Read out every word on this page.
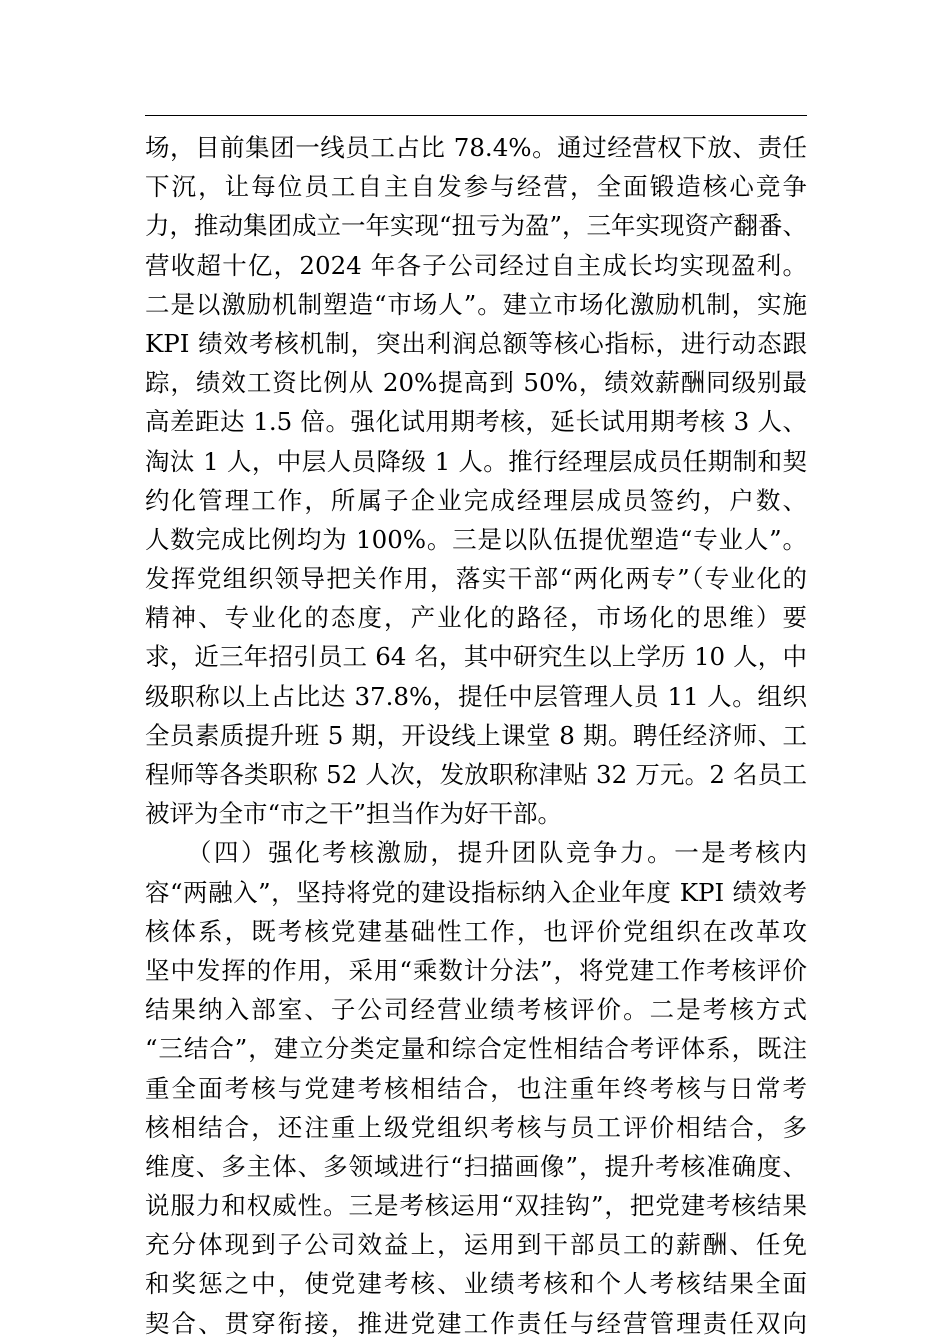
场，目前集团一线员工占比 78.4%。通过经营权下放、责任
下沉，让每位员工自主自发参与经营，全面锻造核心竞争
力，推动集团成立一年实现“扭亏为盈”，三年实现资产翻番、
营收超十亿，2024 年各子公司经过自主成长均实现盈利。
二是以激励机制塑造“市场人”。建立市场化激励机制，实施
KPI 绩效考核机制，突出利润总额等核心指标，进行动态跟
踪，绩效工资比例从 20%提高到 50%，绩效薪酬同级别最
高差距达 1.5 倍。强化试用期考核，延长试用期考核 3 人、
淘汰 1 人，中层人员降级 1 人。推行经理层成员任期制和契
约化管理工作，所属子企业完成经理层成员签约，户数、
人数完成比例均为 100%。三是以队伍提优塑造“专业人”。
发挥党组织领导把关作用，落实干部“两化两专”（专业化的
精神、专业化的态度，产业化的路径，市场化的思维）要
求，近三年招引员工 64 名，其中研究生以上学历 10 人，中
级职称以上占比达 37.8%，提任中层管理人员 11 人。组织
全员素质提升班 5 期，开设线上课堂 8 期。聘任经济师、工
程师等各类职称 52 人次，发放职称津贴 32 万元。2 名员工
被评为全市“市之干”担当作为好干部。
　　（四）强化考核激励，提升团队竞争力。一是考核内
容“两融入”，坚持将党的建设指标纳入企业年度 KPI 绩效考
核体系，既考核党建基础性工作，也评价党组织在改革攻
坚中发挥的作用，采用“乘数计分法”，将党建工作考核评价
结果纳入部室、子公司经营业绩考核评价。二是考核方式
“三结合”，建立分类定量和综合定性相结合考评体系，既注
重全面考核与党建考核相结合，也注重年终考核与日常考
核相结合，还注重上级党组织考核与员工评价相结合，多
维度、多主体、多领域进行“扫描画像”，提升考核准确度、
说服力和权威性。三是考核运用“双挂钩”，把党建考核结果
充分体现到子公司效益上，运用到干部员工的薪酬、任免
和奖惩之中，使党建考核、业绩考核和个人考核结果全面
契合、贯穿衔接，推进党建工作责任与经营管理责任双向
